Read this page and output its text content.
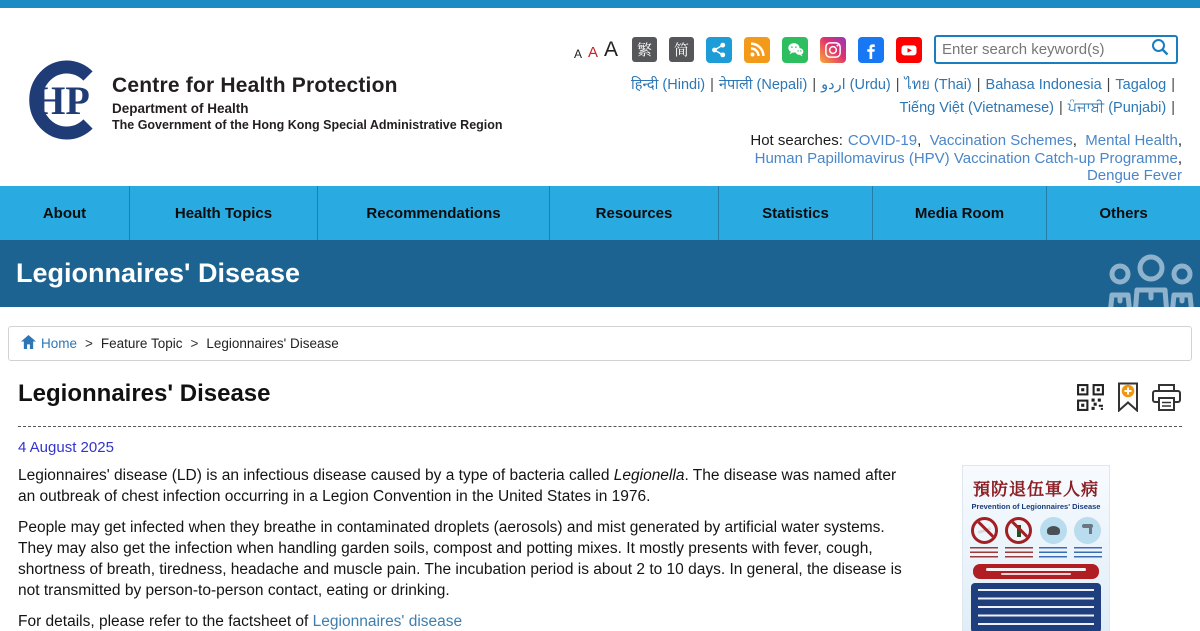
HP Centre for Health Protection
Department of Health
The Government of the Hong Kong Special Administrative Region
A A A	繁	简
Enter search keyword(s)
हिन्दी (Hindi) | नेपाली (Nepali) | اردو (Urdu) | ไทย (Thai) | Bahasa Indonesia | Tagalog |
Tiếng Việt (Vietnamese) | ਪੰਜਾਬੀ (Punjabi) |
Hot searches: COVID-19,  Vaccination Schemes,  Mental Health,
Human Papillomavirus (HPV) Vaccination Catch-up Programme,
Dengue Fever
About	Health Topics	Recommendations	Resources	Statistics	Media Room	Others
Legionnaires' Disease
Home > Feature Topic > Legionnaires' Disease
Legionnaires' Disease
4 August 2025

Legionnaires' disease (LD) is an infectious disease caused by a type of bacteria called Legionella. The disease was named after an outbreak of chest infection occurring in a Legion Convention in the United States in 1976.

People may get infected when they breathe in contaminated droplets (aerosols) and mist generated by artificial water systems. They may also get the infection when handling garden soils, compost and potting mixes. It mostly presents with fever, cough, shortness of breath, tiredness, headache and muscle pain. The incubation period is about 2 to 10 days. In general, the disease is not transmitted by person-to-person contact, eating or drinking.

For details, please refer to the factsheet of Legionnaires' disease

預防退伍軍人病
Prevention of Legionnaires' Disease
